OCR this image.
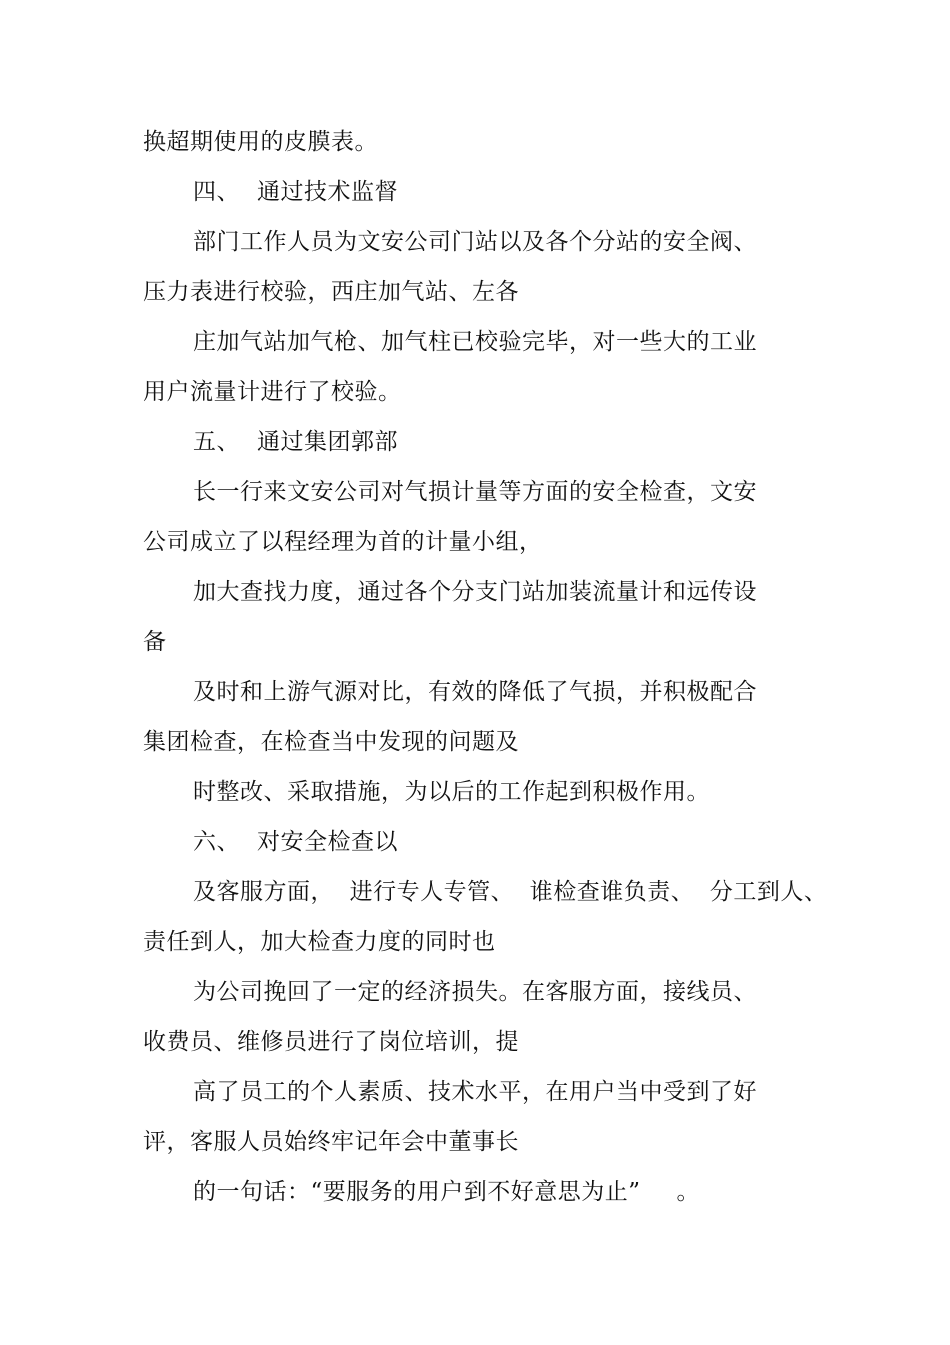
换超期使用的皮膜表。
四、 通过技术监督
部门工作人员为文安公司门站以及各个分站的安全阀、
压力表进行校验，西庄加气站、左各
庄加气站加气枪、加气柱已校验完毕，对一些大的工业
用户流量计进行了校验。
五、 通过集团郭部
长一行来文安公司对气损计量等方面的安全检查，文安
公司成立了以程经理为首的计量小组，
加大查找力度，通过各个分支门站加装流量计和远传设
备
及时和上游气源对比，有效的降低了气损，并积极配合
集团检查，在检查当中发现的问题及
时整改、采取措施，为以后的工作起到积极作用。
六、 对安全检查以
及客服方面，  进行专人专管、  谁检查谁负责、  分工到人、
责任到人，加大检查力度的同时也
为公司挽回了一定的经济损失。在客服方面，接线员、
收费员、维修员进行了岗位培训，提
高了员工的个人素质、技术水平，在用户当中受到了好
评，客服人员始终牢记年会中董事长
的一句话：“要服务的用户到不好意思为止” 。
